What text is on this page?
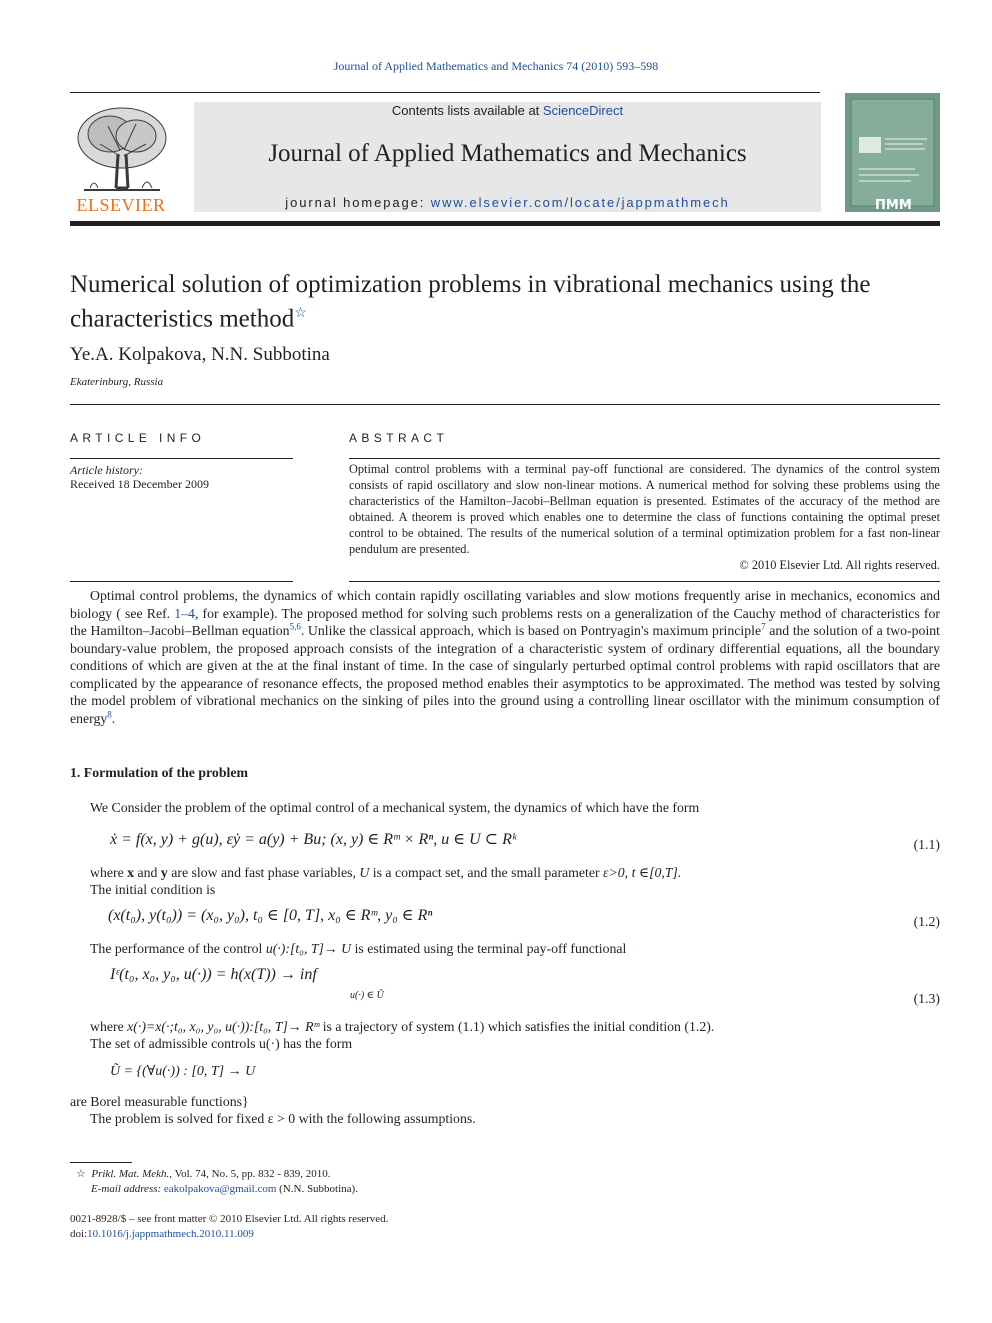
Journal of Applied Mathematics and Mechanics 74 (2010) 593–598
ELSEVIER
Contents lists available at ScienceDirect
Journal of Applied Mathematics and Mechanics
journal homepage: www.elsevier.com/locate/jappmathmech	ПММ
Numerical solution of optimization problems in vibrational mechanics using the characteristics method☆
Ye.A. Kolpakova, N.N. Subbotina
Ekaterinburg, Russia
ARTICLE INFO	ABSTRACT
Article history:
Received 18 December 2009
Optimal control problems with a terminal pay-off functional are considered. The dynamics of the control system consists of rapid oscillatory and slow non-linear motions. A numerical method for solving these problems using the characteristics of the Hamilton–Jacobi–Bellman equation is presented. Estimates of the accuracy of the method are obtained. A theorem is proved which enables one to determine the class of functions containing the optimal preset control to be obtained. The results of the numerical solution of a terminal optimization problem for a fast non-linear pendulum are presented.
© 2010 Elsevier Ltd. All rights reserved.
Optimal control problems, the dynamics of which contain rapidly oscillating variables and slow motions frequently arise in mechanics, economics and biology ( see Ref. 1–4, for example). The proposed method for solving such problems rests on a generalization of the Cauchy method of characteristics for the Hamilton–Jacobi–Bellman equation$^{5,6}$. Unlike the classical approach, which is based on Pontryagin's maximum principle$^7$ and the solution of a two-point boundary-value problem, the proposed approach consists of the integration of a characteristic system of ordinary differential equations, all the boundary conditions of which are given at the at the final instant of time. In the case of singularly perturbed optimal control problems with rapid oscillators that are complicated by the appearance of resonance effects, the proposed method enables their asymptotics to be approximated. The method was tested by solving the model problem of vibrational mechanics on the sinking of piles into the ground using a controlling linear oscillator with the minimum consumption of energy$^8$.
1. Formulation of the problem
We Consider the problem of the optimal control of a mechanical system, the dynamics of which have the form
ẋ = f(x, y) + g(u), εẏ = a(y) + Bu; (x, y) ∈ Rᵐ × Rⁿ, u ∈ U ⊂ Rᵏ	(1.1)
where x and y are slow and fast phase variables, U is a compact set, and the small parameter ε>0, t ∈[0,T].
The initial condition is
(x(t₀), y(t₀)) = (x₀, y₀), t₀ ∈ [0, T], x₀ ∈ Rᵐ, y₀ ∈ Rⁿ	(1.2)
The performance of the control u(·):[t₀, T]→ U is estimated using the terminal pay-off functional
Iᵋ(t₀, x₀, y₀, u(·)) = h(x(T)) → inf
u(·) ∈ Ũ	(1.3)
where x(·)=x(·;t₀, x₀, y₀, u(·)):[t₀, T]→ Rᵐ is a trajectory of system (1.1) which satisfies the initial condition (1.2).
The set of admissible controls u(·) has the form
Ũ = {(∀u(·)) : [0, T] → U
are Borel measurable functions}
The problem is solved for fixed ε > 0 with the following assumptions.
☆ Prikl. Mat. Mekh., Vol. 74, No. 5, pp. 832 - 839, 2010.
E-mail address: eakolpakova@gmail.com (N.N. Subbotina).
0021-8928/$ – see front matter © 2010 Elsevier Ltd. All rights reserved.
doi:10.1016/j.jappmathmech.2010.11.009
